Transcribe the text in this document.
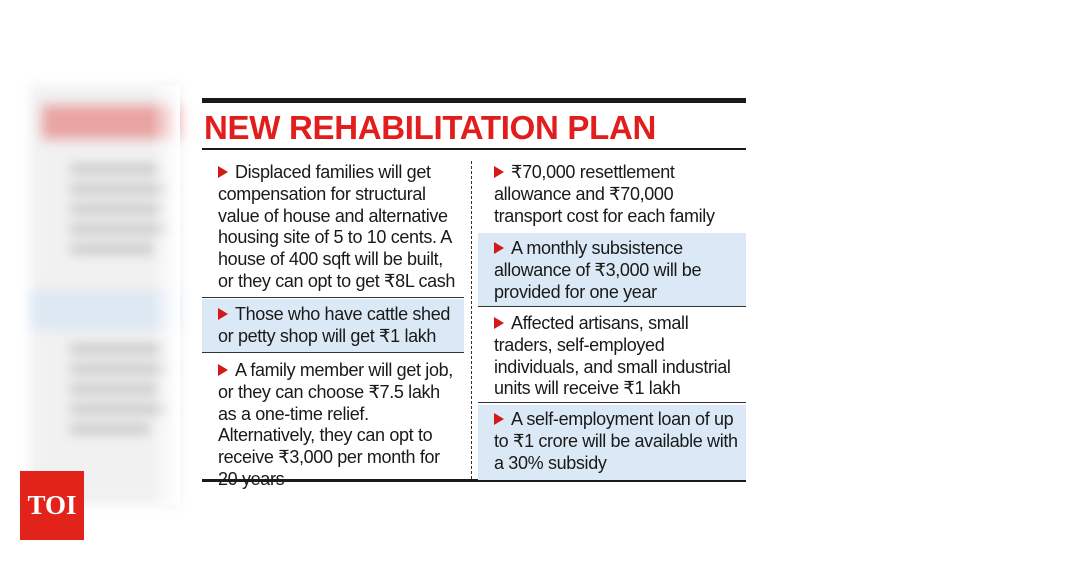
NEW REHABILITATION PLAN
Displaced families will get compensation for structural value of house and alternative housing site of 5 to 10 cents. A house of 400 sqft will be built, or they can opt to get ₹8L cash
Those who have cattle shed or petty shop will get ₹1 lakh
A family member will get job, or they can choose ₹7.5 lakh as a one-time relief. Alternatively, they can opt to receive ₹3,000 per month for 20 years
₹70,000 resettlement allowance and ₹70,000 transport cost for each family
A monthly subsistence allowance of ₹3,000 will be provided for one year
Affected artisans, small traders, self-employed individuals, and small industrial units will receive ₹1 lakh
A self-employment loan of up to ₹1 crore will be available with a 30% subsidy
TOI
